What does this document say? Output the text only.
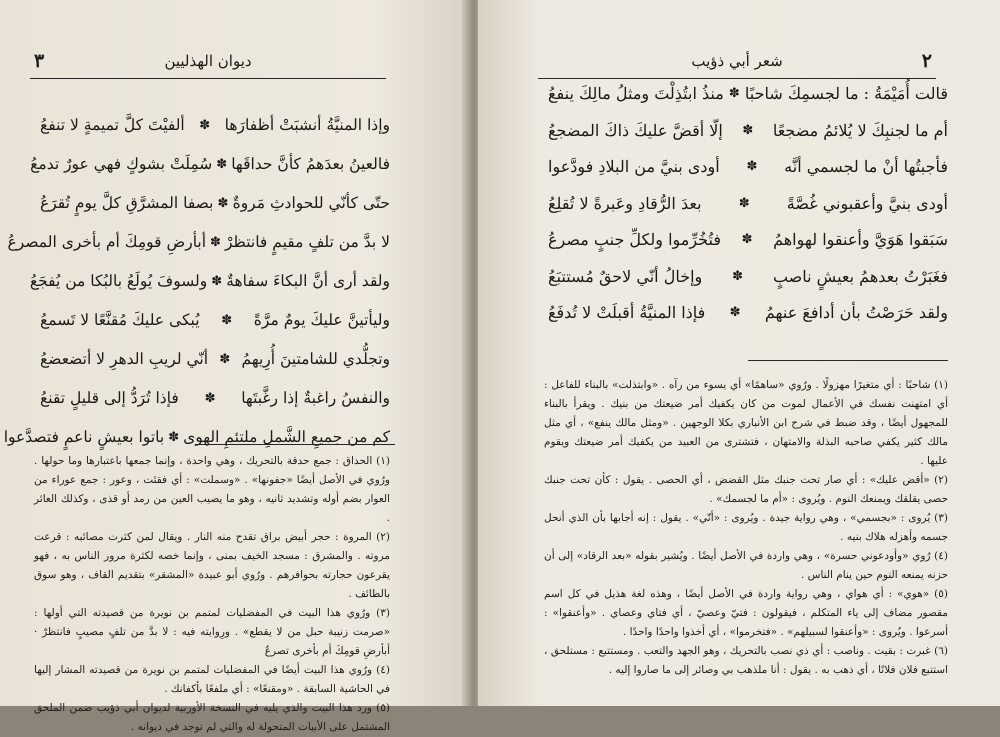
٣	ديوان الهذليين
وإذا المنيَّةُ أنشبَتْ أظفارَها
✽
ألفيْتَ كلَّ تميمةٍ لا تنفعُ
فالعينُ بعدَهمُ كأنَّ حداقَها
✽
سُمِلَتْ بشوكٍ فهي عورٌ تدمعُ
حتّى كأنّي للحوادثِ مَروةٌ
✽
بصفا المشرَّقِ كلَّ يومٍ تُقرَعُ
لا بدَّ من تلفٍ مقيمٍ فانتظرْ
✽
أبأرضِ قومِكَ أم بأخرى المصرعُ
ولقد أرى أنَّ البكاءَ سفاهةٌ
✽
ولسوفَ يُولَعُ بالبُكا من يُفجَعُ
وليأتينَّ عليكَ يومٌ مرَّةً
✽
يُبكى عليكَ مُقنَّعًا لا تَسمعُ
وتجلُّدي للشامتينَ أُرِيهمُ
✽
أنّي لريبِ الدهرِ لا أتضعضعُ
والنفسُ راغبةٌ إذا رغَّبتَها
✽
فإذا تُرَدُّ إلى قليلٍ تقنعُ
كم من جميعِ الشَّملِ ملتئمِ الهوى
✽
باتوا بعيشٍ ناعمٍ فتصدَّعوا

(١) الحداق : جمع حدقة بالتحريك ، وهي واحدة ، وإنما جمعها باعتبارها وما حولها . ورُوي في الأصل أيضًا «جفونها» . «وسملت» : أي فقئت ، وعور : جمع عوراء من العوار بضم أوله وتشديد ثانيه ، وهو ما يصيب العين من رمد أو قذى ، وكذلك العائر .

(٢) المروة : حجر أبيض براق تقدح منه النار . ويقال لمن كثرت مصائبه : قرعت مروته . والمشرق : مسجد الخيف بمنى ، وإنما خصه لكثرة مرور الناس به ، فهو يقرعون حجارته بحوافرهم . ورُوي أبو عبيدة «المشقر» بتقديم القاف ، وهو سوق بالطائف .

(٣) ورُوي هذا البيت في المفضليات لمتمم بن نويرة من قصيدته التي أولها : «صرمت زنيبة حبل من لا يقطع» . ورِوايته فيه : لا بدَّ من تلفٍ مصيبٍ فانتظرْ · أبأرضِ قومِكَ أم بأخرى تصرعُ

(٤) ورُوي هذا البيت أيضًا في المفضليات لمتمم بن نويرة من قصيدته المشار إليها في الحاشية السابقة . «ومقنعًا» : أي ملفعًا بأكفانك .

(٥) ورد هذا البيت والذي يليه في النسخة الأوربية لديوان أبي ذؤيب ضمن الملحق المشتمل على الأبيات المتحولة له والتي لم توجد في ديوانه .

٢
شعر أبي ذؤيب
قالت أُمَيْمَةُ : ما لجسمِكَ شاحبًا
✽
منذُ ابتُذِلْتَ ومثلُ مالِكَ ينفعُ
أم ما لجنبِكَ لا يُلائمُ مضجعًا
✽
إلّا أقضَّ عليكَ ذاكَ المضجعُ
فأجبتُها أنْ ما لجسمي أنَّه
✽
أودى بنيَّ من البلادِ فودَّعوا
أودى بنيَّ وأعقبوني غُصَّةً
✽
بعدَ الرُّقادِ وعَبرةً لا تُقلِعُ
سَبَقوا هَوَيَّ وأعنقوا لهواهمُ
✽
فتُخُرِّموا ولكلِّ جنبٍ مصرعُ
فغَبَرْتُ بعدهمُ بعيشٍ ناصبٍ
✽
وإخالُ أنّي لاحقٌ مُستتبَعُ
ولقد حَرَصْتُ بأن أدافعَ عنهمُ
✽
فإذا المنيَّةُ أقبلَتْ لا تُدفَعُ

(١) شاحبًا : أي متغيرًا مهزولًا . ورُوي «ساهمًا» أي يسوء من رآه . «وابتذلت» بالبناء للفاعل : أي امتهنت نفسك في الأعمال لموت من كان يكفيك أمر ضيعتك من بنيك . ويقرأ بالبناء للمجهول أيضًا ، وقد ضبط في شرح ابن الأنباري بكلا الوجهين . «ومثل مالك ينفع» ، أي مثل مالك كثير يكفي صاحبه البذلة والامتهان ، فتشترى من العبيد من يكفيك أمر ضيعتك ويقوم عليها .

(٢) «أقض عليك» : أي صار تحت جنبك مثل القضض ، أي الحصى . يقول : كأن تحت جنبك حصى يقلقك ويمنعك النوم . ويُروى : «أم ما لجسمك» .

(٣) يُروى : «بجسمي» ، وهي رواية جيدة . ويُروى : «أنّي» . يقول : إنه أجابها بأن الذي أنحل جسمه وأهزله هلاك بنيه .

(٤) رُوي «وأودعوني حسرة» ، وهي واردة في الأصل أيضًا . ويُشير بقوله «بعد الرقاد» إلى أن حزنه يمنعه النوم حين ينام الناس .

(٥) «هوي» : أي هواي ، وهي رواية واردة في الأصل أيضًا ، وهذه لغة هذيل في كل اسم مقصور مضاف إلى ياء المتكلم ، فيقولون : فتيّ وعصيّ ، أي فتاي وعصاي . «وأعنقوا» : أسرعوا . ويُروى : «وأعنقوا لسبيلهم» . «فتخرموا» ، أي أخذوا واحدًا واحدًا .

(٦) غبرت : بقيت . وناصب : أي ذي نصب بالتحريك ، وهو الجهد والتعب . ومستتبع : مستلحق ، استتبع فلان فلانًا ، أي ذهب به . يقول : أنا ملذهب بي وصائر إلى ما صاروا إليه .
